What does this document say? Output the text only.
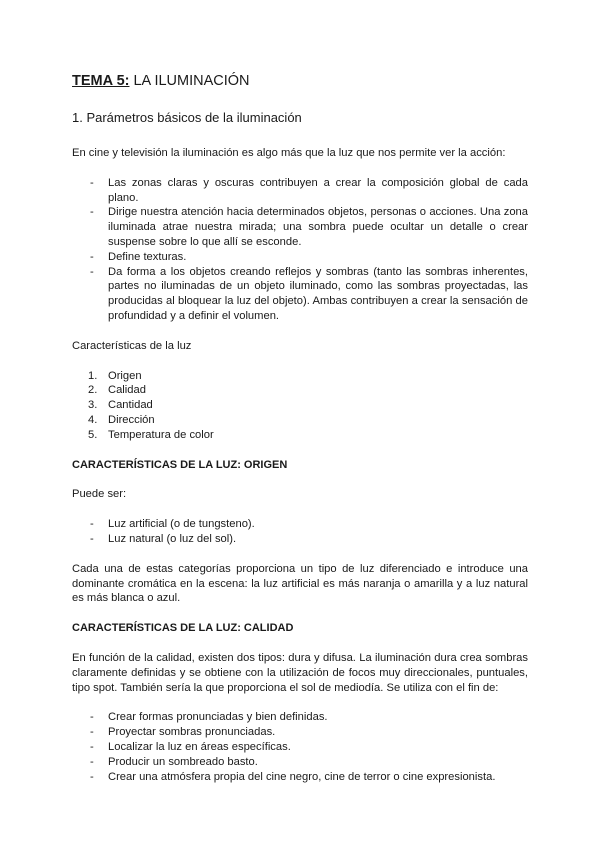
TEMA 5: LA ILUMINACIÓN
1. Parámetros básicos de la iluminación

En cine y televisión la iluminación es algo más que la luz que nos permite ver la acción:

- Las zonas claras y oscuras contribuyen a crear la composición global de cada plano.
- Dirige nuestra atención hacia determinados objetos, personas o acciones. Una zona iluminada atrae nuestra mirada; una sombra puede ocultar un detalle o crear suspense sobre lo que allí se esconde.
- Define texturas.
- Da forma a los objetos creando reflejos y sombras (tanto las sombras inherentes, partes no iluminadas de un objeto iluminado, como las sombras proyectadas, las producidas al bloquear la luz del objeto). Ambas contribuyen a crear la sensación de profundidad y a definir el volumen.

Características de la luz

1. Origen
2. Calidad
3. Cantidad
4. Dirección
5. Temperatura de color
CARACTERÍSTICAS DE LA LUZ: ORIGEN

Puede ser:

- Luz artificial (o de tungsteno).
- Luz natural (o luz del sol).

Cada una de estas categorías proporciona un tipo de luz diferenciado e introduce una dominante cromática en la escena: la luz artificial es más naranja o amarilla y a luz natural es más blanca o azul.

CARACTERÍSTICAS DE LA LUZ: CALIDAD

En función de la calidad, existen dos tipos: dura y difusa. La iluminación dura crea sombras claramente definidas y se obtiene con la utilización de focos muy direccionales, puntuales, tipo spot. También sería la que proporciona el sol de mediodía. Se utiliza con el fin de:

- Crear formas pronunciadas y bien definidas.
- Proyectar sombras pronunciadas.
- Localizar la luz en áreas específicas.
- Producir un sombreado basto.
- Crear una atmósfera propia del cine negro, cine de terror o cine expresionista.
